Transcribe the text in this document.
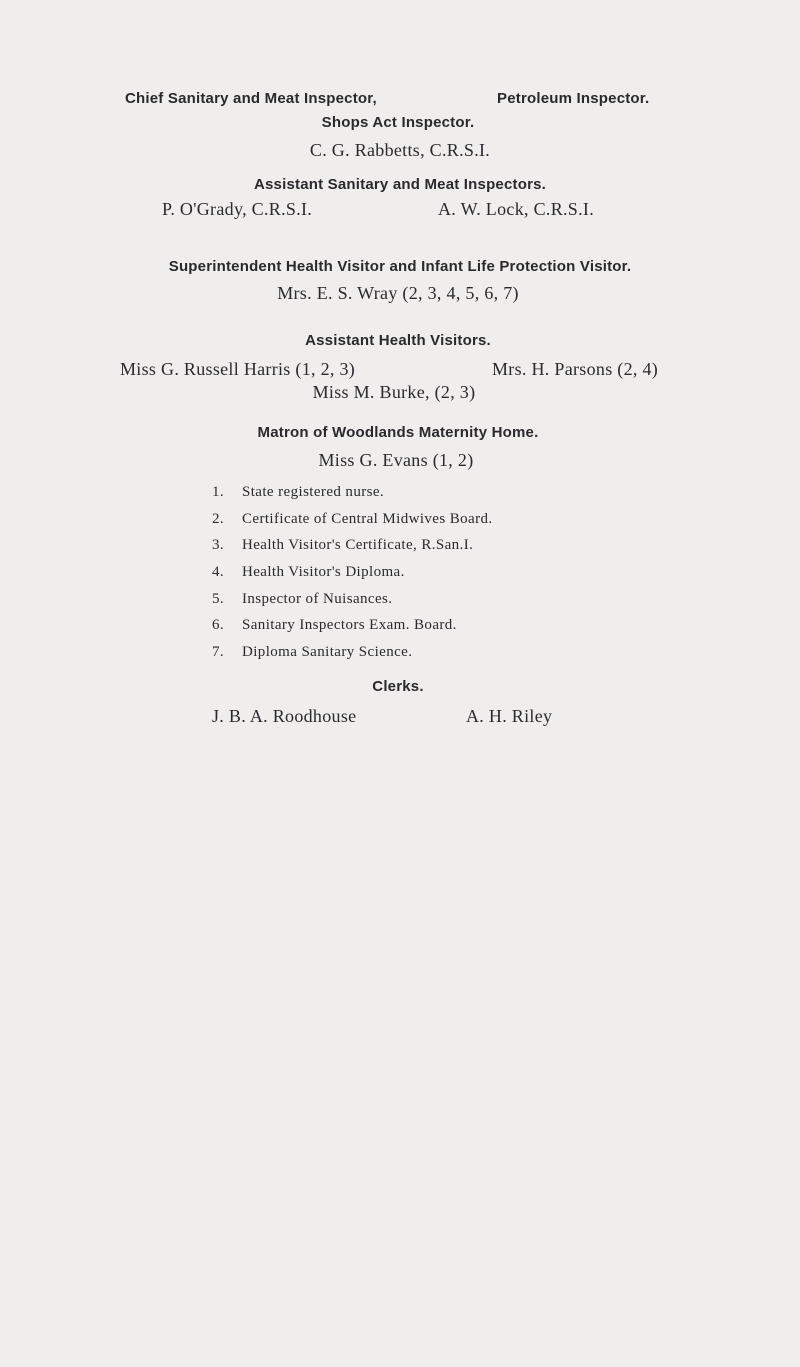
Chief Sanitary and Meat Inspector,	Petroleum Inspector.
Shops Act Inspector.
C. G. Rabbetts, C.R.S.I.
Assistant Sanitary and Meat Inspectors.
P. O'Grady, C.R.S.I.	A. W. Lock, C.R.S.I.
Superintendent Health Visitor and Infant Life Protection Visitor.
Mrs. E. S. Wray (2, 3, 4, 5, 6, 7)
Assistant Health Visitors.
Miss G. Russell Harris (1, 2, 3)	Mrs. H. Parsons (2, 4)
Miss M. Burke, (2, 3)
Matron of Woodlands Maternity Home.
Miss G. Evans (1, 2)
1. State registered nurse.
2. Certificate of Central Midwives Board.
3. Health Visitor's Certificate, R.San.I.
4. Health Visitor's Diploma.
5. Inspector of Nuisances.
6. Sanitary Inspectors Exam. Board.
7. Diploma Sanitary Science.
Clerks.
J. B. A. Roodhouse	A. H. Riley
